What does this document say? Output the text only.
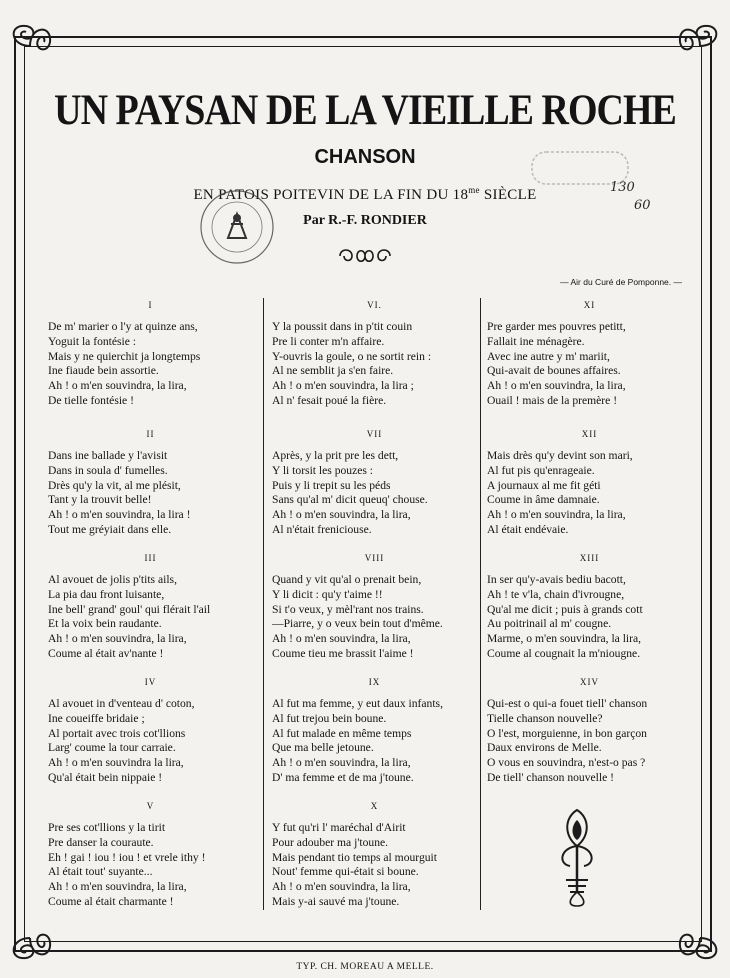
UN PAYSAN DE LA VIEILLE ROCHE
CHANSON
EN PATOIS POITEVIN DE LA FIN DU $18^{me}$ SIÈCLE
Par R.-F. RONDIER
130
60
— Air du Curé de Pomponne. —
I
De m' marier o l'y at quinze ans,
Yoguit la fontésie :
Mais y ne quierchit ja longtemps
Ine fiaude bein assortie.
Ah ! o m'en souvindra, la lira,
De tielle fontésie !
II
Dans ine ballade y l'avisit
Dans in soula d' fumelles.
Drès qu'y la vit, al me plésit,
Tant y la trouvit belle!
Ah ! o m'en souvindra, la lira !
Tout me gréyiait dans elle.
III
Al avouet de jolis p'tits ails,
La pia dau front luisante,
Ine bell' grand' goul' qui flérait l'ail
Et la voix bein raudante.
Ah ! o m'en souvindra, la lira,
Coume al était av'nante !
IV
Al avouet in d'venteau d' coton,
Ine coueiffe bridaie ;
Al portait avec trois cot'llions
Larg' coume la tour carraie.
Ah ! o m'en souvindra la lira,
Qu'al était bein nippaie !
V
Pre ses cot'llions y la tirit
Pre danser la couraute.
Eh ! gai ! iou ! iou ! et vrele ithy !
Al était tout' suyante...
Ah ! o m'en souvindra, la lira,
Coume al était charmante !
VI.
Y la poussit dans in p'tit couin
Pre li conter m'n affaire.
Y-ouvris la goule, o ne sortit rein :
Al ne semblit ja s'en faire.
Ah ! o m'en souvindra, la lira ;
Al n' fesait poué la fière.
VII
Après, y la prit pre les dett,
Y li torsit les pouzes :
Puis y li trepit su les péds
Sans qu'al m' dicit queuq' chouse.
Ah ! o m'en souvindra, la lira,
Al n'était freniciouse.
VIII
Quand y vit qu'al o prenait bein,
Y li dicit : qu'y t'aime !!
Si t'o veux, y mèl'rant nos trains.
—Piarre, y o veux bein tout d'même.
Ah ! o m'en souvindra, la lira,
Coume tieu me brassit l'aime !
IX
Al fut ma femme, y eut daux infants,
Al fut trejou bein boune.
Al fut malade en même temps
Que ma belle jetoune.
Ah ! o m'en souvindra, la lira,
D' ma femme et de ma j'toune.
X
Y fut qu'ri l' maréchal d'Airit
Pour adouber ma j'toune.
Mais pendant tio temps al mourguit
Nout' femme qui-était si boune.
Ah ! o m'en souvindra, la lira,
Mais y-ai sauvé ma j'toune.
XI
Pre garder mes pouvres petitt,
Fallait ine ménagère.
Avec ine autre y m' mariit,
Qui-avait de bounes affaires.
Ah ! o m'en souvindra, la lira,
Ouail ! mais de la premère !
XII
Mais drès qu'y devint son mari,
Al fut pis qu'enrageaie.
A journaux al me fit géti
Coume in âme damnaie.
Ah ! o m'en souvindra, la lira,
Al était endévaie.
XIII
In ser qu'y-avais bediu bacott,
Ah ! te v'la, chain d'ivrougne,
Qu'al me dicit ; puis à grands cott
Au poitrinail al m' cougne.
Marme, o m'en souvindra, la lira,
Coume al cougnait la m'niougne.
XIV
Qui-est o qui-a fouet tiell' chanson
Tielle chanson nouvelle?
O l'est, morguienne, in bon garçon
Daux environs de Melle.
O vous en souvindra, n'est-o pas ?
De tiell' chanson nouvelle !
TYP. CH. MOREAU A MELLE.
